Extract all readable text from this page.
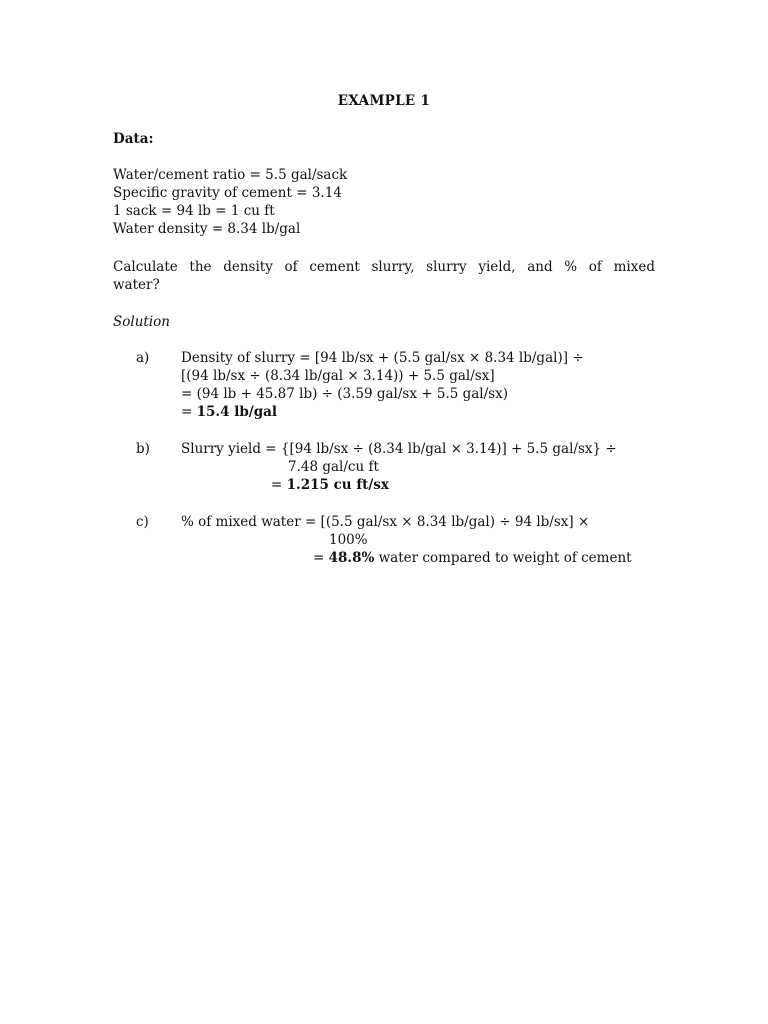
EXAMPLE 1
Data:
Water/cement ratio = 5.5 gal/sack
Specific gravity of cement = 3.14
1 sack = 94 lb = 1 cu ft
Water density = 8.34 lb/gal
Calculate the density of cement slurry, slurry yield, and % of mixed
water?
Solution
a) Density of slurry = [94 lb/sx + (5.5 gal/sx × 8.34 lb/gal)] ÷
[(94 lb/sx ÷ (8.34 lb/gal × 3.14)) + 5.5 gal/sx]
= (94 lb + 45.87 lb) ÷ (3.59 gal/sx + 5.5 gal/sx)
= 15.4 lb/gal
b) Slurry yield = {[94 lb/sx ÷ (8.34 lb/gal × 3.14)] + 5.5 gal/sx} ÷
7.48 gal/cu ft
= 1.215 cu ft/sx
c) % of mixed water = [(5.5 gal/sx × 8.34 lb/gal) ÷ 94 lb/sx] ×
100%
= 48.8% water compared to weight of cement
